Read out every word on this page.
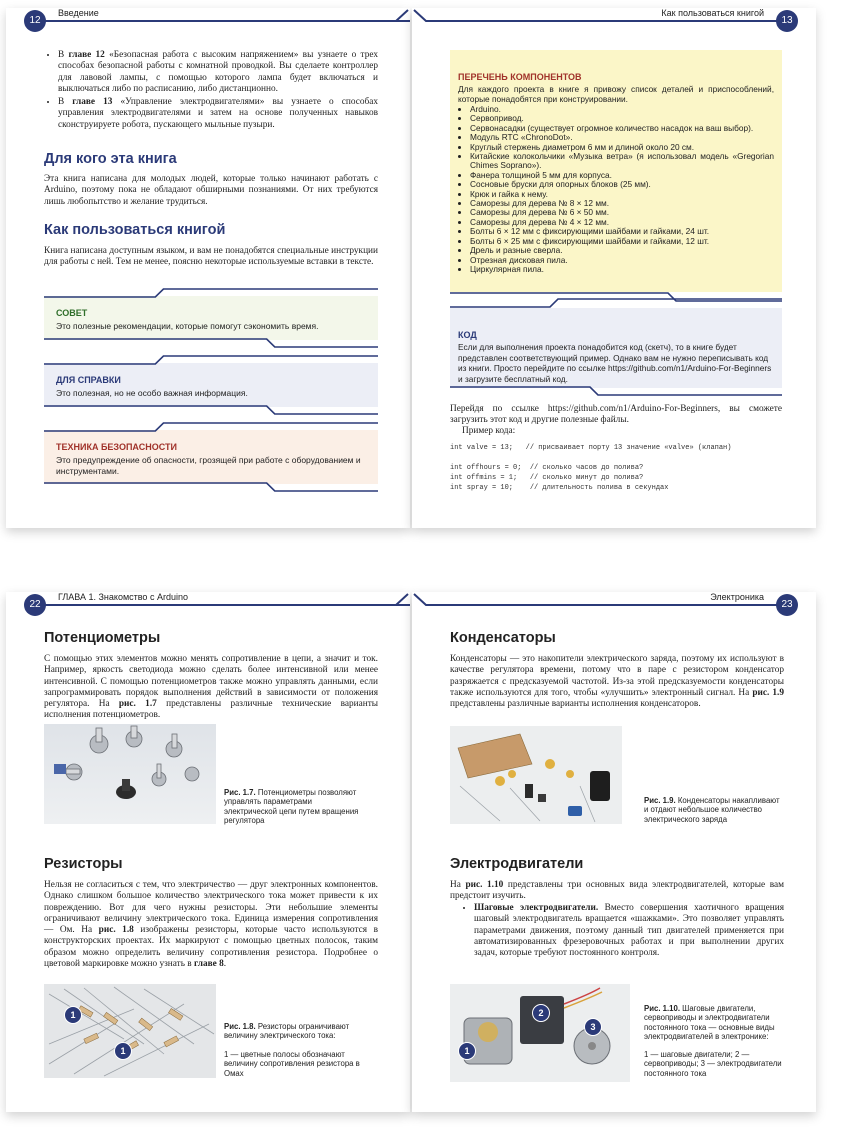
12
Введение
• В главе 12 «Безопасная работа с высоким напряжением» вы узнаете о трех способах безопасной работы с комнатной проводкой. Вы сделаете контроллер для лавовой лампы, с помощью которого лампа будет включаться и выключаться либо по расписанию, либо дистанционно.
• В главе 13 «Управление электродвигателями» вы узнаете о способах управления электродвигателями и затем на основе полученных навыков сконструируете робота, пускающего мыльные пузыри.
Для кого эта книга
Эта книга написана для молодых людей, которые только начинают работать с Arduino, поэтому пока не обладают обширными познаниями. От них требуются лишь любопытство и желание трудиться.
Как пользоваться книгой
Книга написана доступным языком, и вам не понадобятся специальные инструкции для работы с ней. Тем не менее, поясню некоторые используемые вставки в тексте.
СОВЕТ
Это полезные рекомендации, которые помогут сэкономить время.
ДЛЯ СПРАВКИ
Это полезная, но не особо важная информация.
ТЕХНИКА БЕЗОПАСНОСТИ
Это предупреждение об опасности, грозящей при работе с оборудованием и инструментами.
Как пользоваться книгой
13
ПЕРЕЧЕНЬ КОМПОНЕНТОВ
Для каждого проекта в книге я привожу список деталей и приспособлений, которые понадобятся при конструировании.
• Arduino.
• Сервопривод.
• Сервонасадки (существует огромное количество насадок на ваш выбор).
• Модуль RTC «ChronoDot».
• Круглый стержень диаметром 6 мм и длиной около 20 см.
• Китайские колокольчики «Музыка ветра» (я использовал модель «Gregorian Chimes Soprano»).
• Фанера толщиной 5 мм для корпуса.
• Сосновые бруски для опорных блоков (25 мм).
• Крюк и гайка к нему.
• Саморезы для дерева № 8 × 12 мм.
• Саморезы для дерева № 6 × 50 мм.
• Саморезы для дерева № 4 × 12 мм.
• Болты 6 × 12 мм с фиксирующими шайбами и гайками, 24 шт.
• Болты 6 × 25 мм с фиксирующими шайбами и гайками, 12 шт.
• Дрель и разные сверла.
• Отрезная дисковая пила.
• Циркулярная пила.
КОД
Если для выполнения проекта понадобится код (скетч), то в книге будет представлен соответствующий пример. Однако вам не нужно переписывать код из книги. Просто перейдите по ссылке https://github.com/n1/Arduino-For-Beginners и загрузите бесплатный код.
Перейдя по ссылке https://github.com/n1/Arduino-For-Beginners, вы сможете загрузить этот код и другие полезные файлы.
Пример кода:
int valve = 13;   // присваивает порту 13 значение «valve» (клапан)
int offhours = 0;  // сколько часов до полива?
int offmins = 1;   // сколько минут до полива?
int spray = 10;    // длительность полива в секундах
22
ГЛАВА 1. Знакомство с Arduino
Потенциометры
С помощью этих элементов можно менять сопротивление в цепи, а значит и ток. Например, яркость светодиода можно сделать более интенсивной или менее интенсивной. С помощью потенциометров также можно управлять данными, если запрограммировать порядок выполнения действий в зависимости от положения регулятора. На рис. 1.7 представлены различные технические варианты исполнения потенциометров.
Рис. 1.7. Потенциометры позволяют управлять параметрами электрической цепи путем вращения регулятора
Резисторы
Нельзя не согласиться с тем, что электричество — друг электронных компонентов. Однако слишком большое количество электрического тока может привести к их повреждению. Вот для чего нужны резисторы. Эти небольшие элементы ограничивают величину электрического тока. Единица измерения сопротивления — Ом. На рис. 1.8 изображены резисторы, которые часто используются в конструкторских проектах. Их маркируют с помощью цветных полосок, таким образом можно определить величину сопротивления резистора. Подробнее о цветовой маркировке можно узнать в главе 8.
1
1
Рис. 1.8. Резисторы ограничивают величину электрического тока:
1 — цветные полосы обозначают величину сопротивления резистора в Омах
Электроника
23
Конденсаторы
Конденсаторы — это накопители электрического заряда, поэтому их используют в качестве регулятора времени, потому что в паре с резистором конденсатор разряжается с предсказуемой частотой. Из-за этой предсказуемости конденсаторы также используются для того, чтобы «улучшить» электронный сигнал. На рис. 1.9 представлены различные варианты исполнения конденсаторов.
Рис. 1.9. Конденсаторы накапливают и отдают небольшое количество электрического заряда
Электродвигатели
На рис. 1.10 представлены три основных вида электродвигателей, которые вам предстоит изучить.
• Шаговые электродвигатели. Вместо совершения хаотичного вращения шаговый электродвигатель вращается «шажками». Это позволяет управлять параметрами движения, поэтому данный тип двигателей применяется при автоматизированных фрезеровочных работах и при выполнении других задач, которые требуют постоянного контроля.
1
2
3
Рис. 1.10. Шаговые двигатели, сервоприводы и электродвигатели постоянного тока — основные виды электродвигателей в электронике:
1 — шаговые двигатели; 2 — сервоприводы; 3 — электродвигатели постоянного тока
